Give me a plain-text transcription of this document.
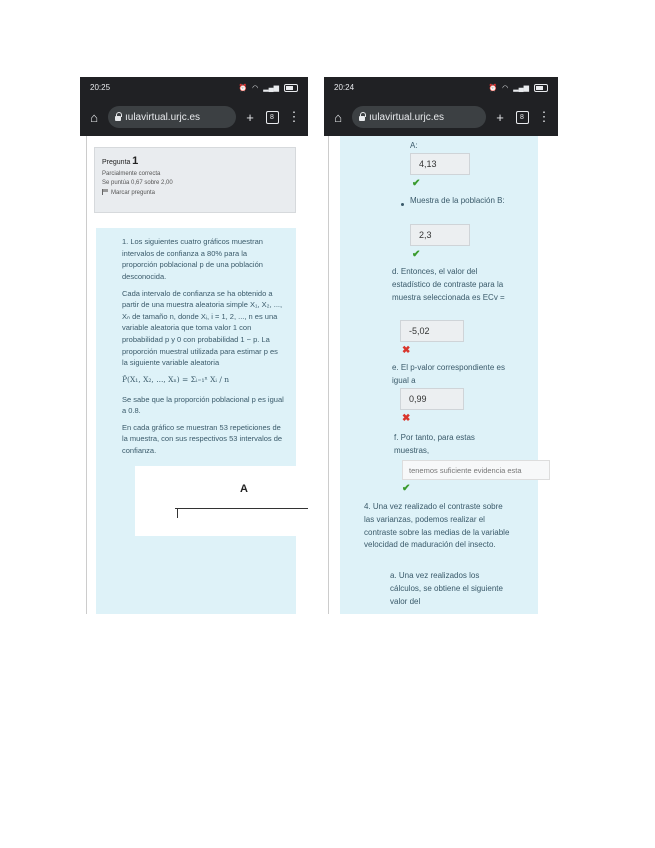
20:25	⏰ ◠ ▂▄▆
⌂	ıulavirtual.urjc.es	+	8	⋮
Pregunta 1
Parcialmente correcta
Se puntúa 0,67 sobre 2,00
Marcar pregunta

1. Los siguientes cuatro gráficos muestran intervalos de confianza a 80% para la proporción poblacional p de una población desconocida.

Cada intervalo de confianza se ha obtenido a partir de una muestra aleatoria simple X₁, X₂, ..., Xₙ de tamaño n, donde Xᵢ, i = 1, 2, ..., n es una variable aleatoria que toma valor 1 con probabilidad p y 0 con probabilidad 1 − p. La proporción muestral utilizada para estimar p es la siguiente variable aleatoria

P̂(X₁, X₂, ..., Xₙ) = Σᵢ₌₁ⁿ Xᵢ / n

Se sabe que la proporción poblacional p es igual a 0.8.

En cada gráfico se muestran 53 repeticiones de la muestra, con sus respectivos 53 intervalos de confianza.

A
20:24	⏰ ◠ ▂▄▆
⌂	ıulavirtual.urjc.es	+	8	⋮
A:
4,13
✔
Muestra de la población B:
2,3
✔
d. Entonces, el valor del estadístico de contraste para la muestra seleccionada es ECv =
-5,02
✖
e. El p-valor correspondiente es igual a
0,99
✖
f. Por tanto, para estas muestras,
tenemos suficiente evidencia esta
✔
4. Una vez realizado el contraste sobre las varianzas, podemos realizar el contraste sobre las medias de la variable velocidad de maduración del insecto.
a. Una vez realizados los cálculos, se obtiene el siguiente valor del
